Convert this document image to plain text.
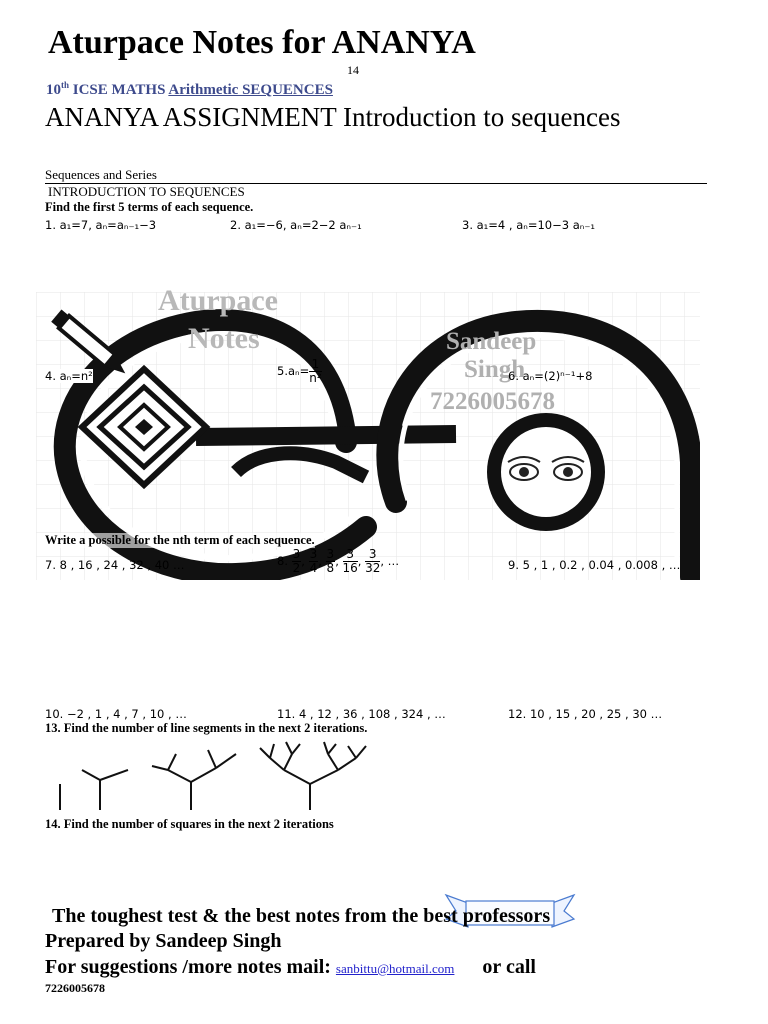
Aturpace Notes for ANANYA
14
10th ICSE MATHS Arithmetic SEQUENCES
ANANYA ASSIGNMENT Introduction to sequences
Sequences and Series
INTRODUCTION TO SEQUENCES
Aturpace
Notes	Sandeep
Singh
7226005678
Find the first 5 terms of each sequence.
1. a₁=7, aₙ=aₙ₋₁−3	2. a₁=−6, aₙ=2−2 aₙ₋₁	3. a₁=4 , aₙ=10−3 aₙ₋₁
4. aₙ=n²	$5.a_n= \frac{1}{\text{n²}}$	6. aₙ=(2)ⁿ⁻¹+8
Write a possible for the nth term of each sequence.
7. 8 , 16 , 24 , 32 , 40 …	8. $\frac{3}{2}$ , $\frac{3}{4}$ , $\frac{3}{8}$ , $\frac{3}{16}$ , $\frac{3}{32}$ , …	9. 5 , 1 , 0.2 , 0.04 , 0.008 , …
10. −2 , 1 , 4 , 7 , 10 , …	11. 4 , 12 , 36 , 108 , 324 , …	12. 10 , 15 , 20 , 25 , 30 …
13. Find the number of line segments in the next 2 iterations.
14. Find the number of squares in the next 2 iterations
The toughest test & the best notes from the best professors
Prepared by Sandeep Singh
For suggestions /more notes mail: sanbittu@hotmail.com or call
7226005678
